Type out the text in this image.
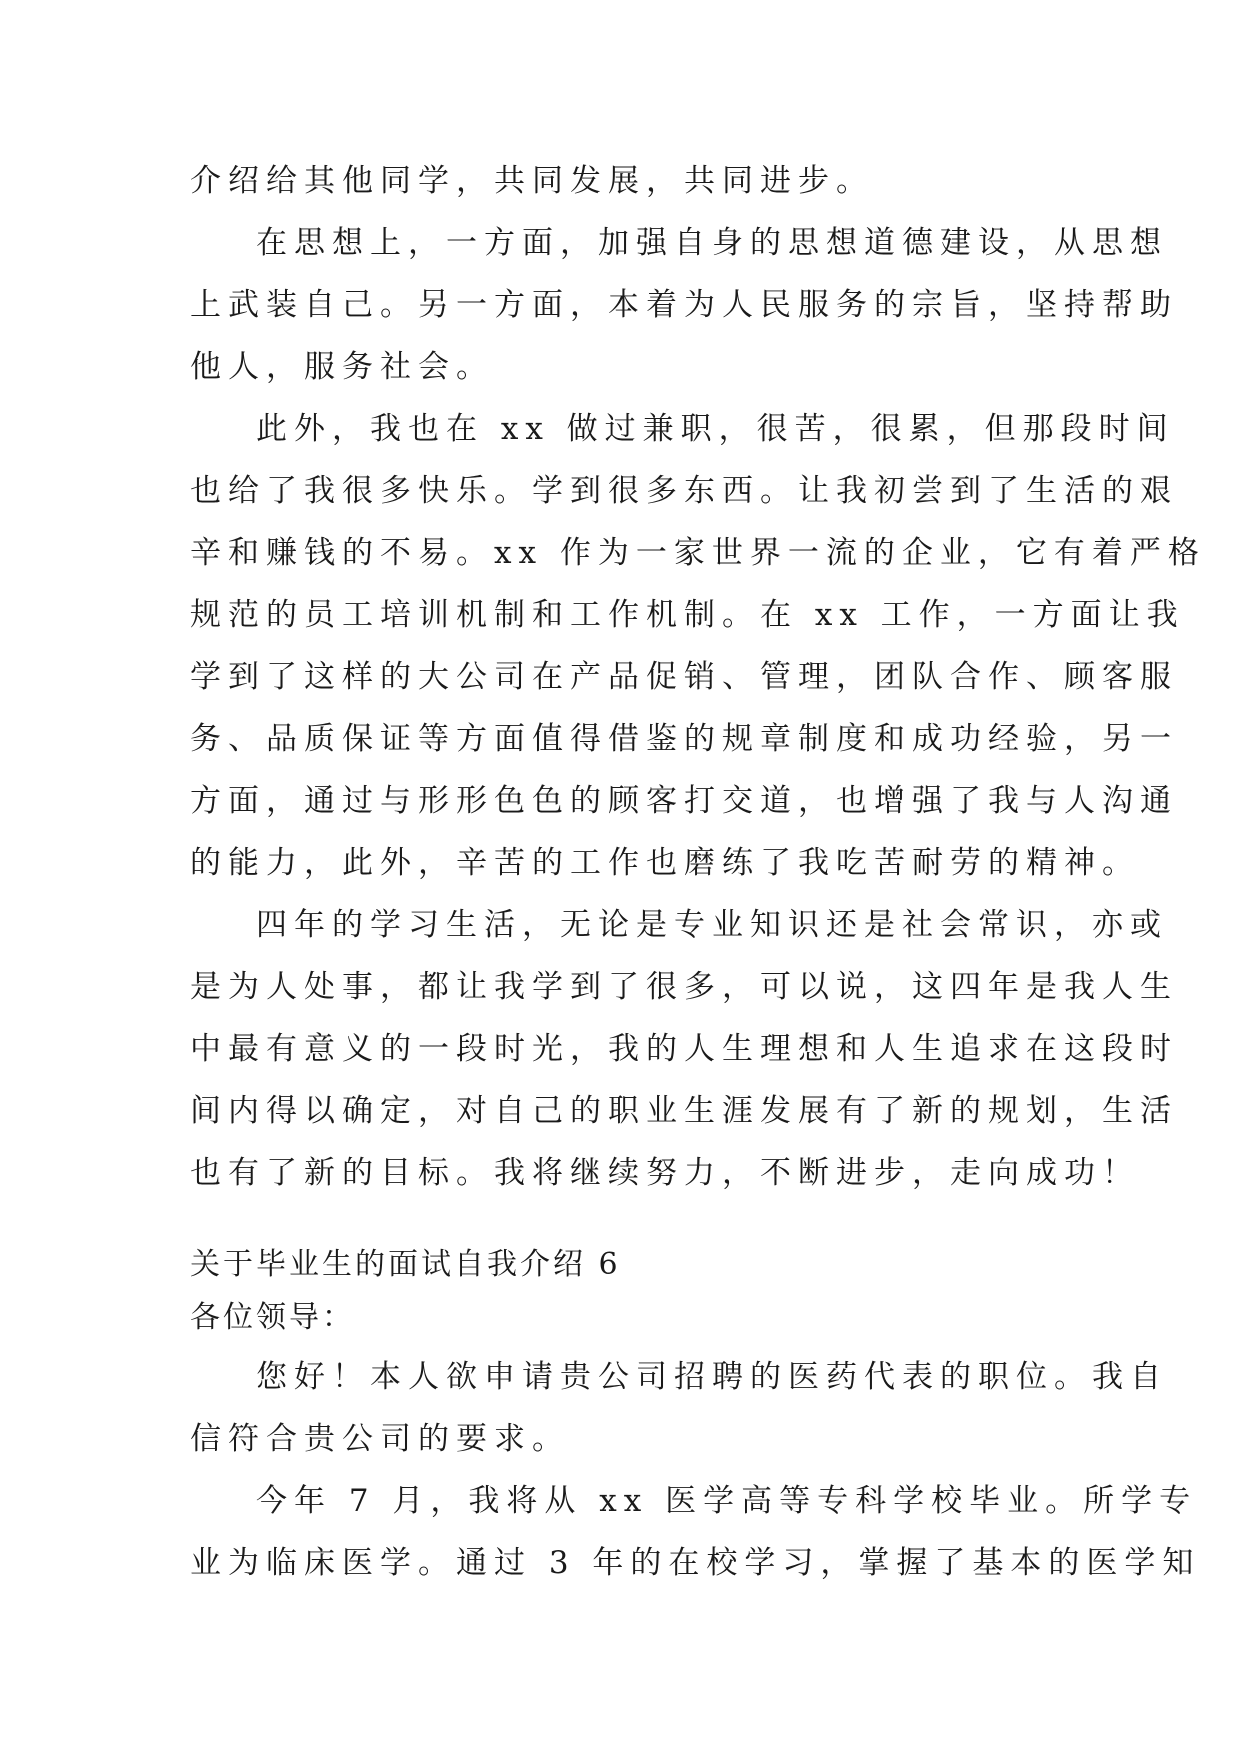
介绍给其他同学，共同发展，共同进步。
在思想上，一方面，加强自身的思想道德建设，从思想
上武装自己。另一方面，本着为人民服务的宗旨，坚持帮助
他人，服务社会。
此外，我也在 xx 做过兼职，很苦，很累，但那段时间
也给了我很多快乐。学到很多东西。让我初尝到了生活的艰
辛和赚钱的不易。xx 作为一家世界一流的企业，它有着严格
规范的员工培训机制和工作机制。在 xx 工作，一方面让我
学到了这样的大公司在产品促销、管理，团队合作、顾客服
务、品质保证等方面值得借鉴的规章制度和成功经验，另一
方面，通过与形形色色的顾客打交道，也增强了我与人沟通
的能力，此外，辛苦的工作也磨练了我吃苦耐劳的精神。
四年的学习生活，无论是专业知识还是社会常识，亦或
是为人处事，都让我学到了很多，可以说，这四年是我人生
中最有意义的一段时光，我的人生理想和人生追求在这段时
间内得以确定，对自己的职业生涯发展有了新的规划，生活
也有了新的目标。我将继续努力，不断进步，走向成功！
关于毕业生的面试自我介绍 6
各位领导：
您好！本人欲申请贵公司招聘的医药代表的职位。我自
信符合贵公司的要求。
今年 7 月，我将从 xx 医学高等专科学校毕业。所学专
业为临床医学。通过 3 年的在校学习，掌握了基本的医学知
